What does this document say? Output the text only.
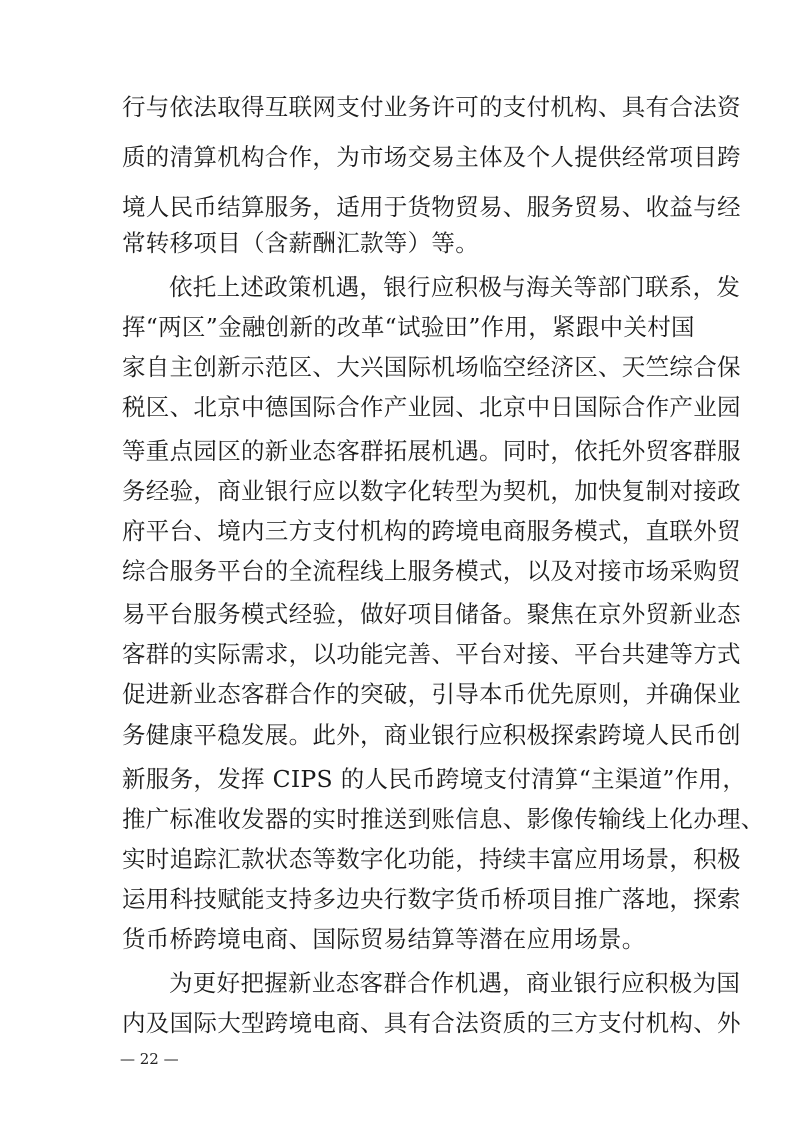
行与依法取得互联网支付业务许可的支付机构、具有合法资
质的清算机构合作，为市场交易主体及个人提供经常项目跨
境人民币结算服务，适用于货物贸易、服务贸易、收益与经
常转移项目（含薪酬汇款等）等。
依托上述政策机遇，银行应积极与海关等部门联系，发
挥“两区”金融创新的改革“试验田”作用，紧跟中关村国
家自主创新示范区、大兴国际机场临空经济区、天竺综合保
税区、北京中德国际合作产业园、北京中日国际合作产业园
等重点园区的新业态客群拓展机遇。同时，依托外贸客群服
务经验，商业银行应以数字化转型为契机，加快复制对接政
府平台、境内三方支付机构的跨境电商服务模式，直联外贸
综合服务平台的全流程线上服务模式，以及对接市场采购贸
易平台服务模式经验，做好项目储备。聚焦在京外贸新业态
客群的实际需求，以功能完善、平台对接、平台共建等方式
促进新业态客群合作的突破，引导本币优先原则，并确保业
务健康平稳发展。此外，商业银行应积极探索跨境人民币创
新服务，发挥 CIPS 的人民币跨境支付清算“主渠道”作用，
推广标准收发器的实时推送到账信息、影像传输线上化办理、
实时追踪汇款状态等数字化功能，持续丰富应用场景，积极
运用科技赋能支持多边央行数字货币桥项目推广落地，探索
货币桥跨境电商、国际贸易结算等潜在应用场景。
为更好把握新业态客群合作机遇，商业银行应积极为国
内及国际大型跨境电商、具有合法资质的三方支付机构、外
— 22 —
